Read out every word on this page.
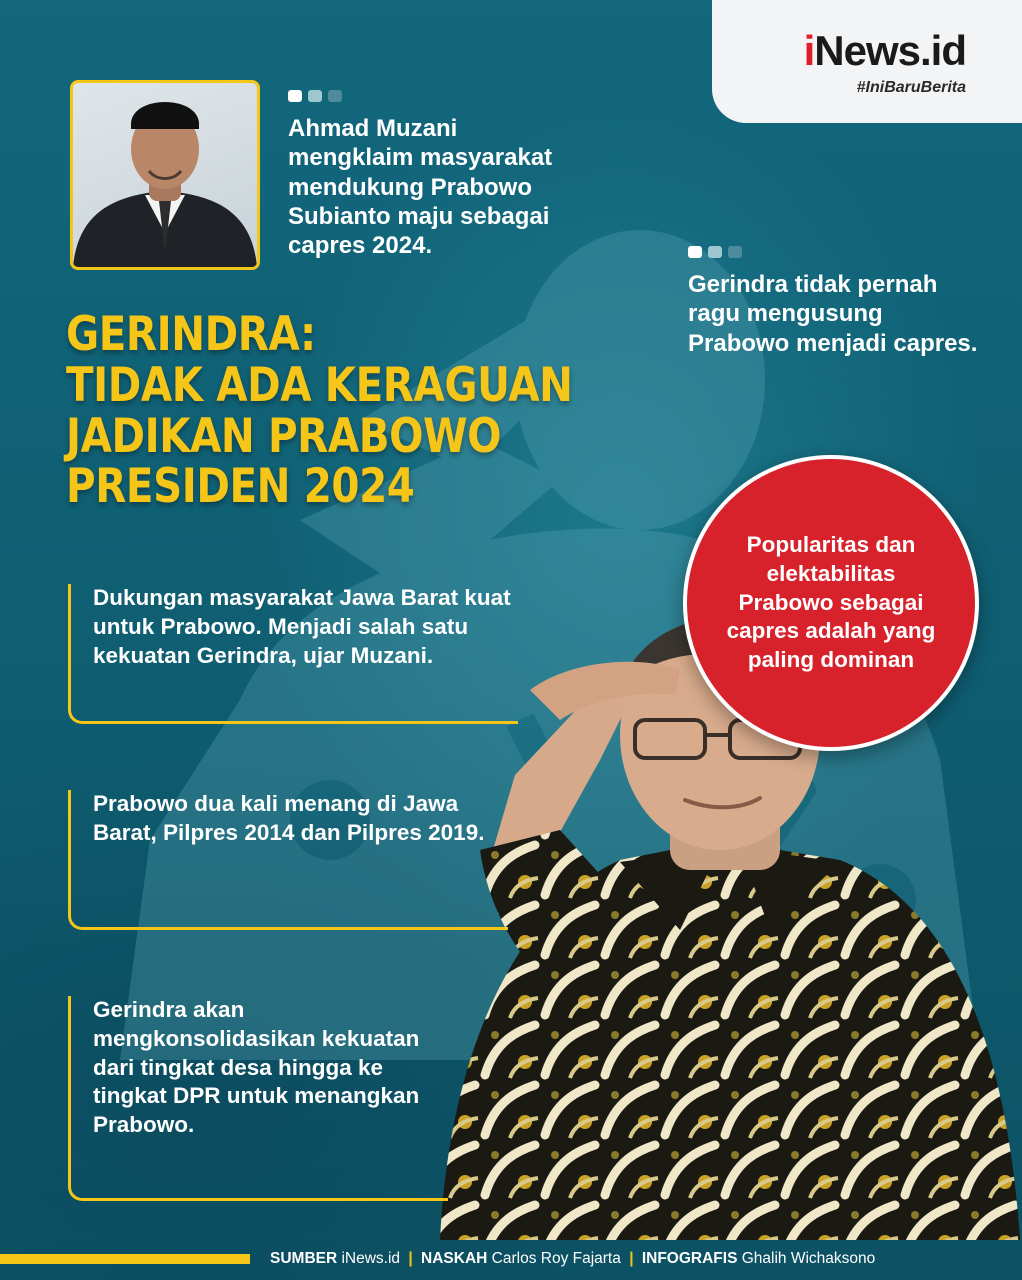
iNews.id
#IniBaruBerita
Ahmad Muzani mengklaim masyarakat mendukung Prabowo Subianto maju sebagai capres 2024.
Gerindra tidak pernah ragu mengusung Prabowo menjadi capres.
GERINDRA:
TIDAK ADA KERAGUAN
JADIKAN PRABOWO
PRESIDEN 2024

Dukungan masyarakat Jawa Barat kuat untuk Prabowo. Menjadi salah satu kekuatan Gerindra, ujar Muzani.

Prabowo dua kali menang di Jawa Barat, Pilpres 2014 dan Pilpres 2019.

Gerindra akan mengkonsolidasikan kekuatan dari tingkat desa hingga ke tingkat DPR untuk menangkan Prabowo.

Popularitas dan elektabilitas Prabowo sebagai capres adalah yang paling dominan

SUMBER iNews.id | NASKAH Carlos Roy Fajarta | INFOGRAFIS Ghalih Wichaksono
